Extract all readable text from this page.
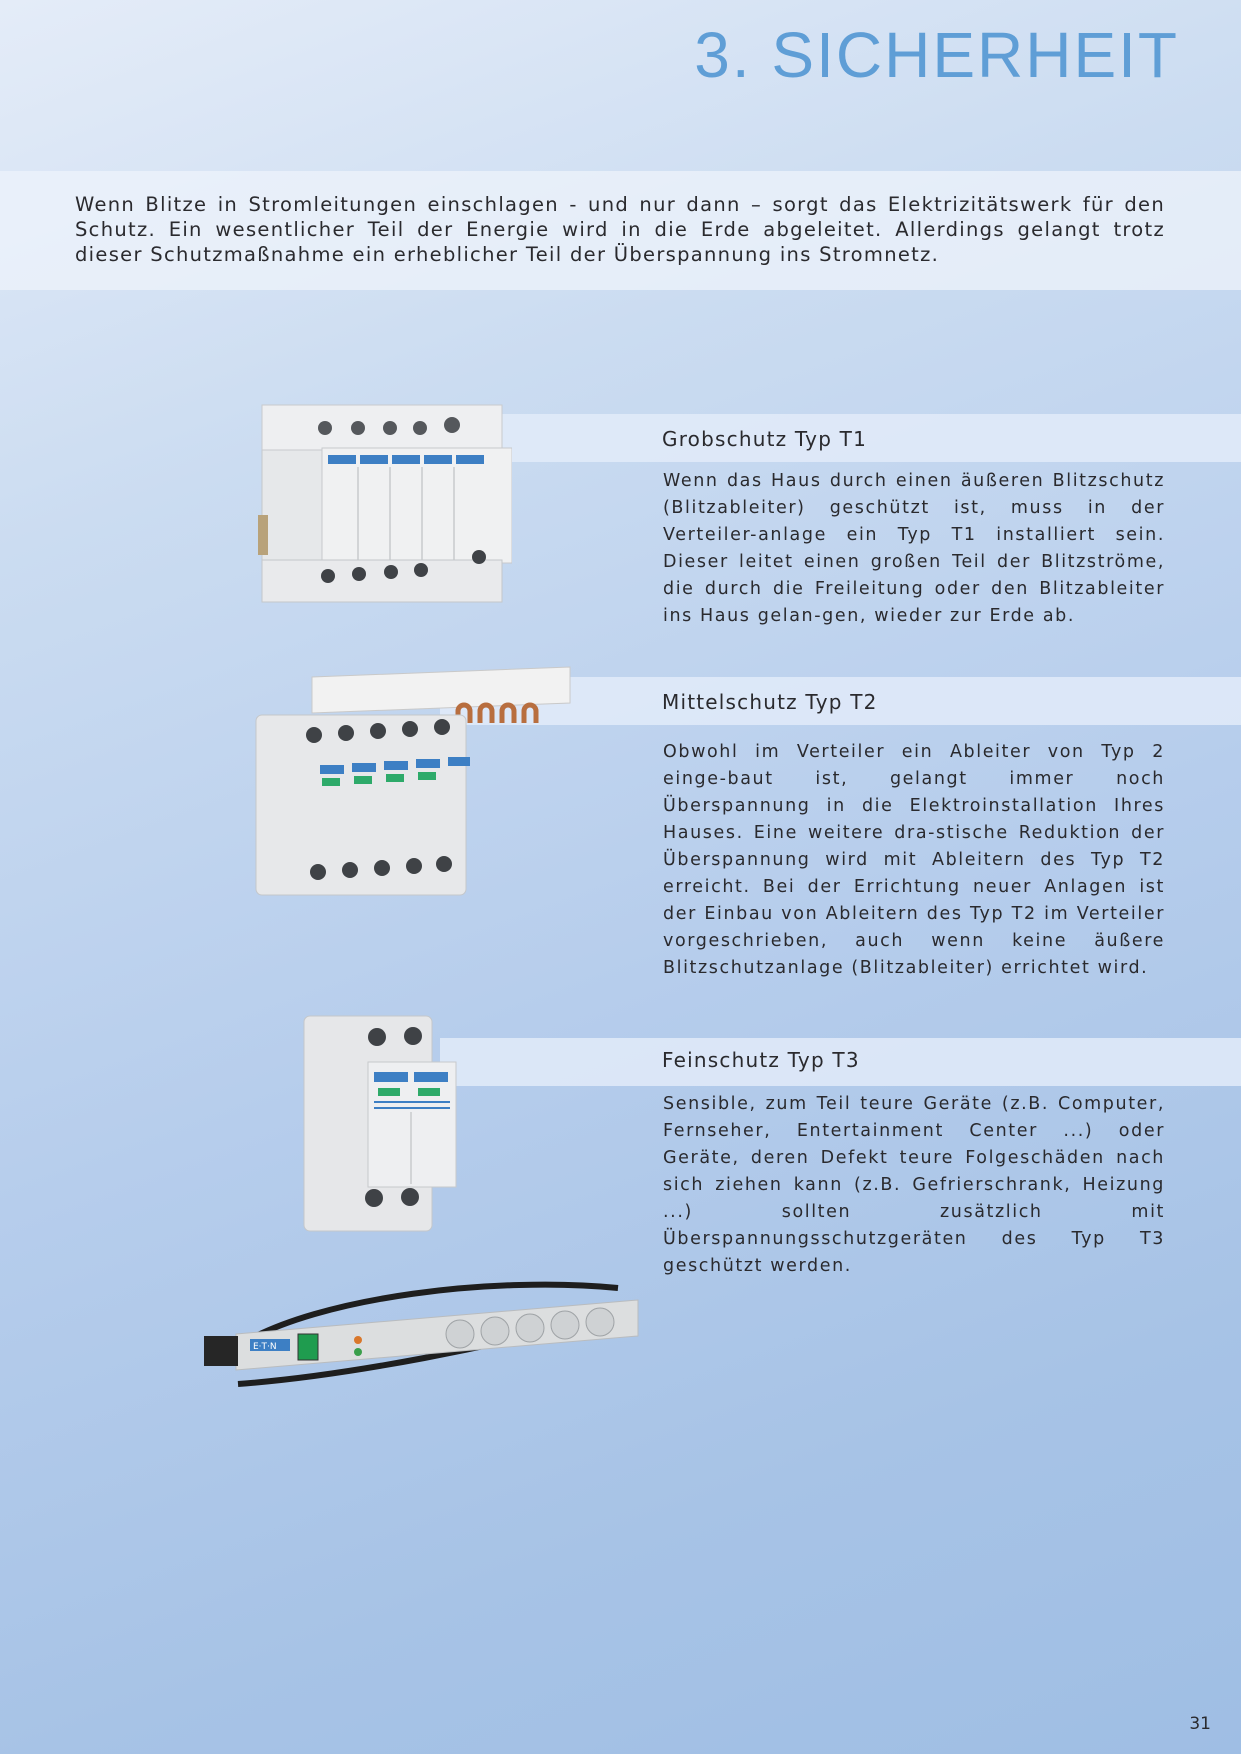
3. SICHERHEIT

Wenn Blitze in Stromleitungen einschlagen - und nur dann – sorgt das Elektrizitätswerk für den Schutz. Ein wesentlicher Teil der Energie wird in die Erde abgeleitet. Allerdings gelangt trotz dieser Schutzmaßnahme ein erheblicher Teil der Überspannung ins Stromnetz.

Grobschutz Typ T1

Wenn das Haus durch einen äußeren Blitzschutz (Blitzableiter) geschützt ist, muss in der Verteiler-anlage ein Typ T1 installiert sein. Dieser leitet einen großen Teil der Blitzströme, die durch die Freileitung oder den Blitzableiter ins Haus gelan-gen, wieder zur Erde ab.

Mittelschutz Typ T2

Obwohl im Verteiler ein Ableiter von Typ 2 einge-baut ist, gelangt immer noch Überspannung in die Elektroinstallation Ihres Hauses. Eine weitere dra-stische Reduktion der Überspannung wird mit Ableitern des Typ T2 erreicht. Bei der Errichtung neuer Anlagen ist der Einbau von Ableitern des Typ T2 im Verteiler vorgeschrieben, auch wenn keine äußere Blitzschutzanlage (Blitzableiter) errichtet wird.

Feinschutz Typ T3

Sensible, zum Teil teure Geräte (z.B. Computer, Fernseher, Entertainment Center ...) oder Geräte, deren Defekt teure Folgeschäden nach sich ziehen kann (z.B. Gefrierschrank, Heizung ...) sollten zusätzlich mit Überspannungsschutzgeräten des Typ T3 geschützt werden.

E·T·N
31
